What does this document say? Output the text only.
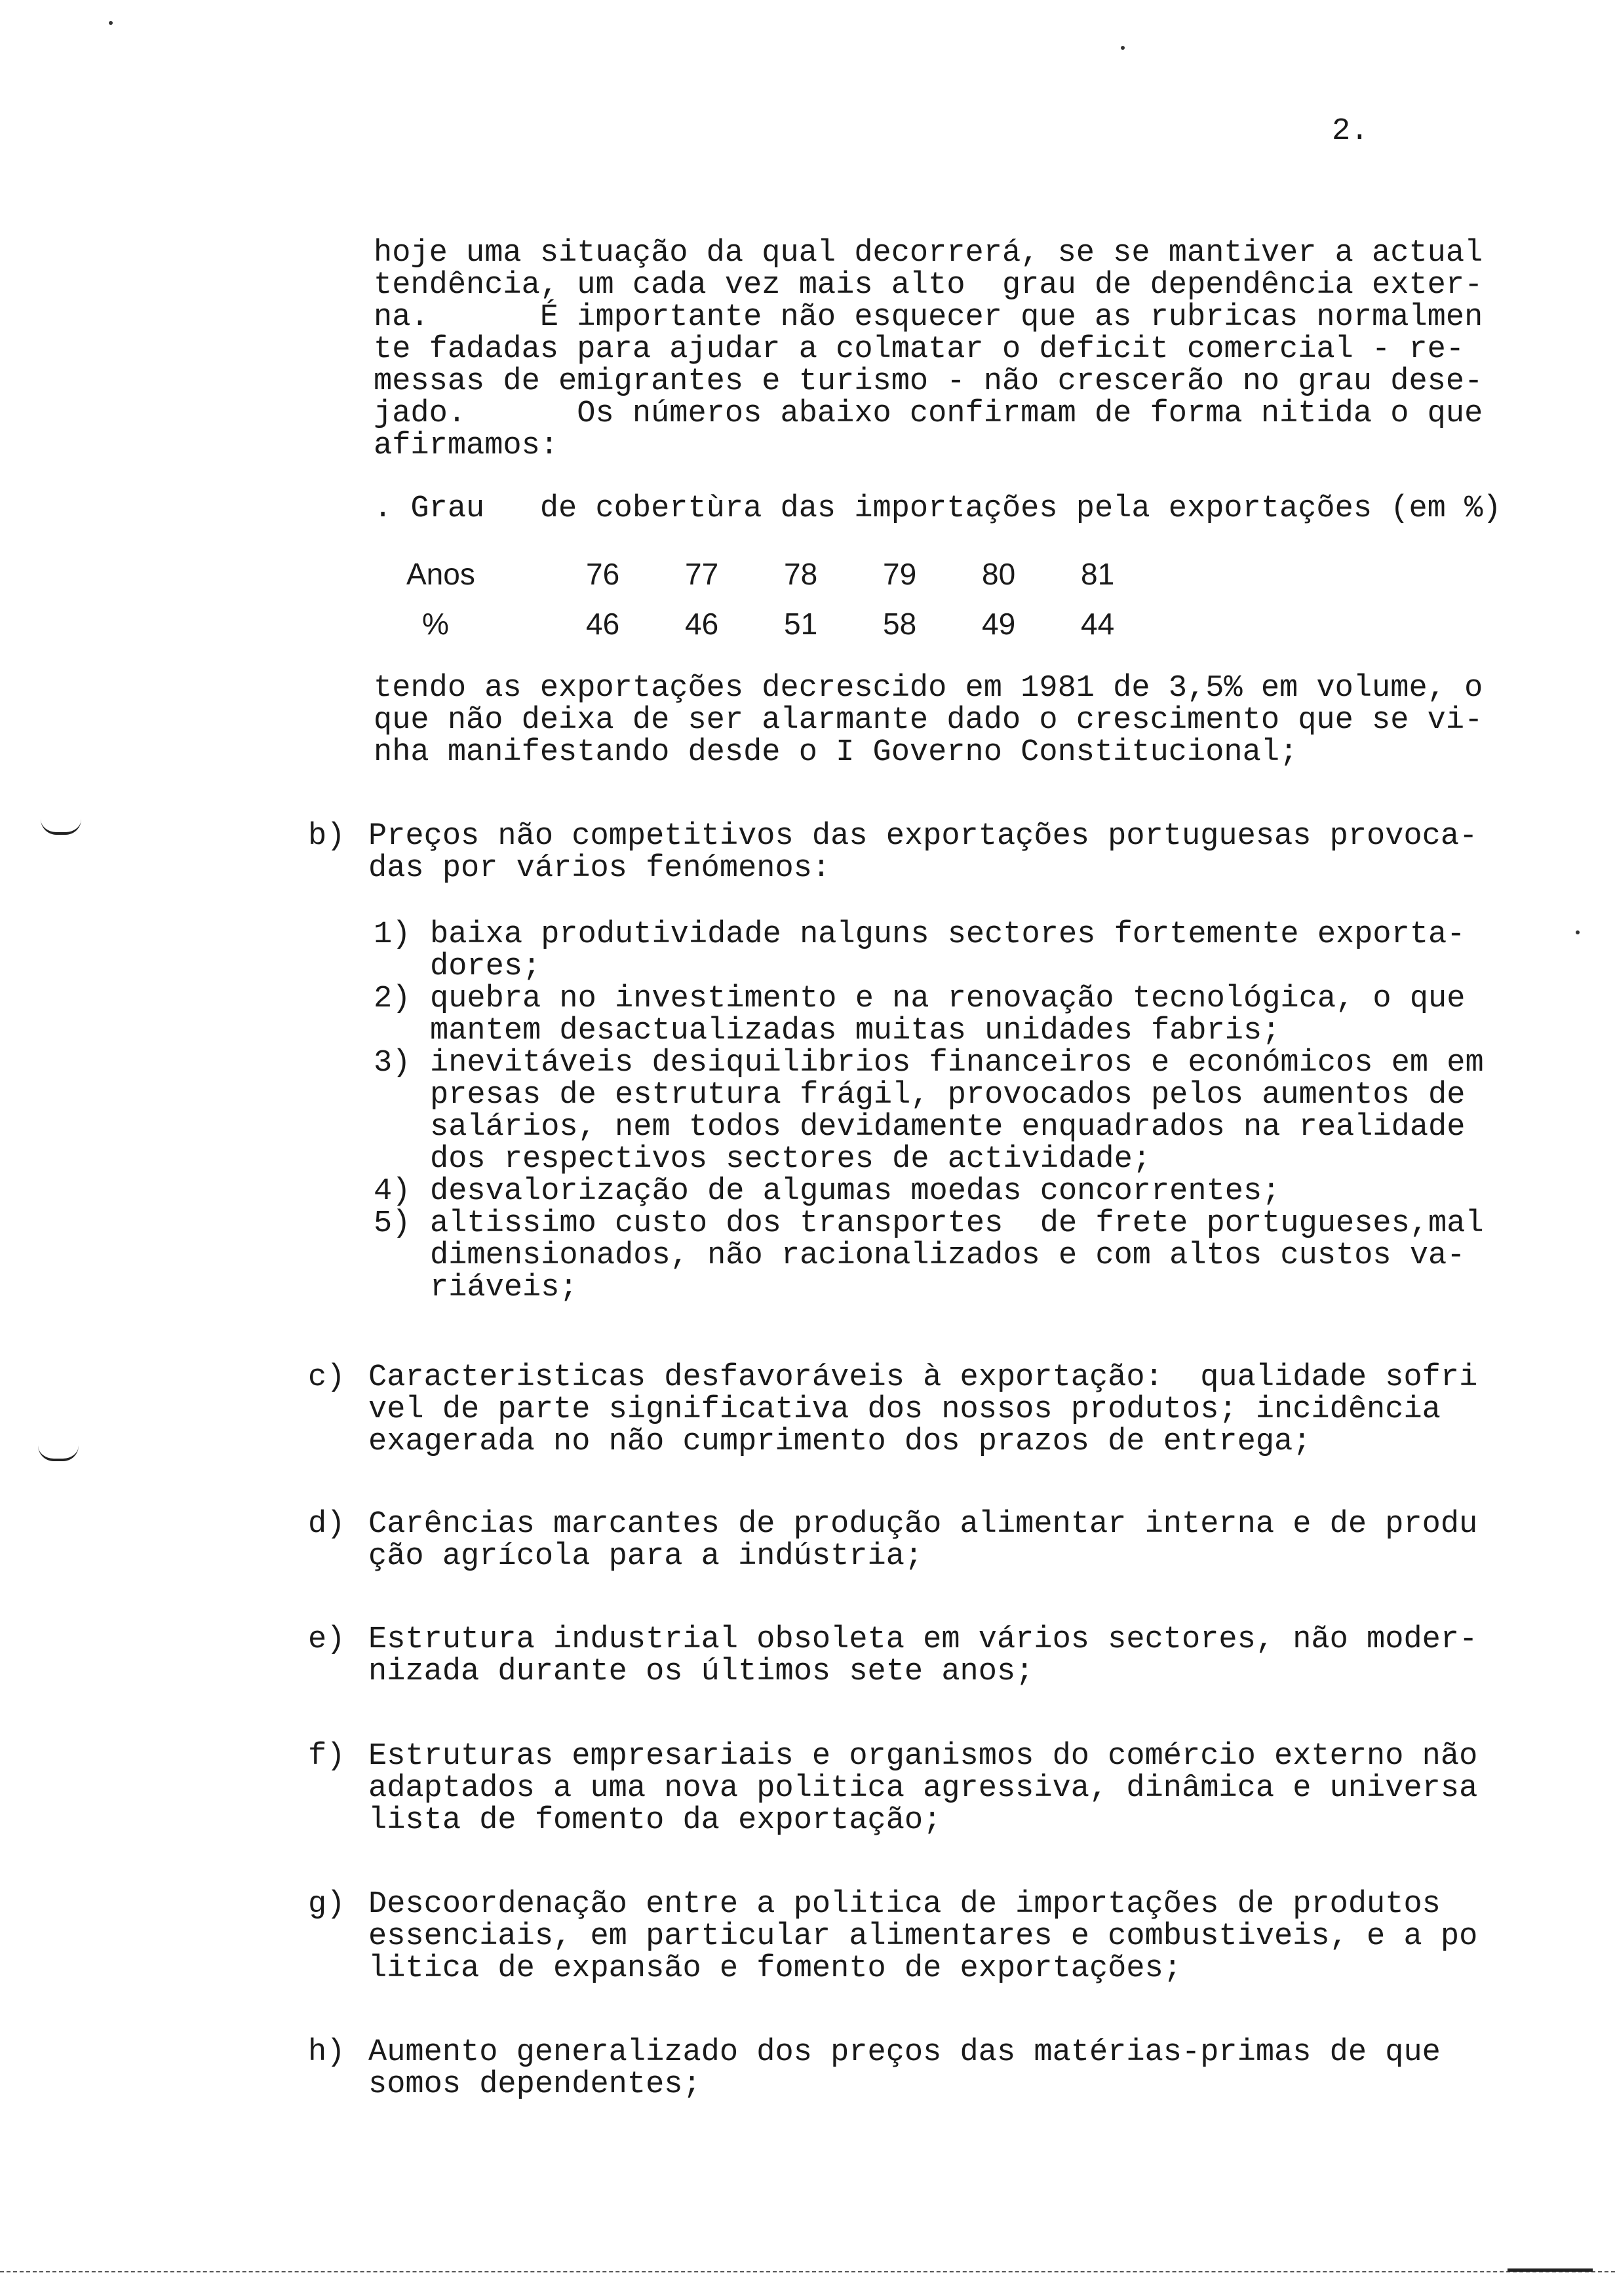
2.
hoje uma situação da qual decorrerá, se se mantiver a actual
tendência, um cada vez mais alto  grau de dependência exter-
na.      É importante não esquecer que as rubricas normalmen
te fadadas para ajudar a colmatar o deficit comercial - re-
messas de emigrantes e turismo - não crescerão no grau dese-
jado.      Os números abaixo confirmam de forma nitida o que
afirmamos:
. Grau   de cobertùra das importações pela exportações (em %)
Anos	76	77	78	79	80	81
%	46	46	51	58	49	44
tendo as exportações decrescido em 1981 de 3,5% em volume, o
que não deixa de ser alarmante dado o crescimento que se vi-
nha manifestando desde o I Governo Constitucional;
b) Preços não competitivos das exportações portuguesas provoca-
das por vários fenómenos:
1) baixa produtividade nalguns sectores fortemente exporta-
dores;
2) quebra no investimento e na renovação tecnológica, o que
mantem desactualizadas muitas unidades fabris;
3) inevitáveis desiquilibrios financeiros e económicos em em
presas de estrutura frágil, provocados pelos aumentos de
salários, nem todos devidamente enquadrados na realidade
dos respectivos sectores de actividade;
4) desvalorização de algumas moedas concorrentes;
5) altissimo custo dos transportes  de frete portugueses,mal
dimensionados, não racionalizados e com altos custos va-
riáveis;
c) Caracteristicas desfavoráveis à exportação:  qualidade sofri
vel de parte significativa dos nossos produtos; incidência
exagerada no não cumprimento dos prazos de entrega;
d) Carências marcantes de produção alimentar interna e de produ
ção agrícola para a indústria;
e) Estrutura industrial obsoleta em vários sectores, não moder-
nizada durante os últimos sete anos;
f) Estruturas empresariais e organismos do comércio externo não
adaptados a uma nova politica agressiva, dinâmica e universa
lista de fomento da exportação;
g) Descoordenação entre a politica de importações de produtos
essenciais, em particular alimentares e combustiveis, e a po
litica de expansão e fomento de exportações;
h) Aumento generalizado dos preços das matérias-primas de que
somos dependentes;
